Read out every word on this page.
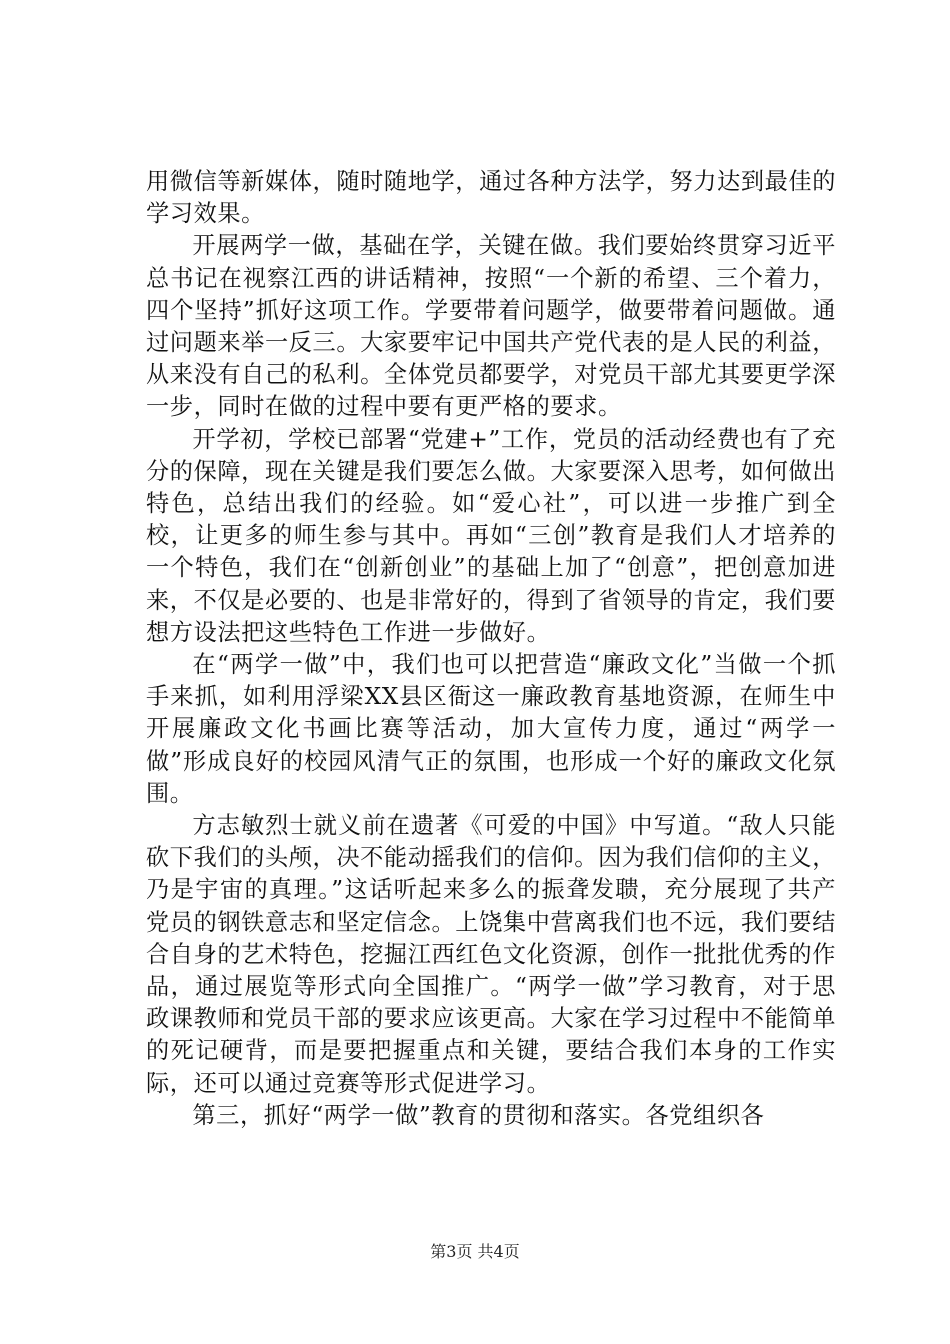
用微信等新媒体，随时随地学，通过各种方法学，努力达到最佳的学习效果。

开展两学一做，基础在学，关键在做。我们要始终贯穿习近平总书记在视察江西的讲话精神，按照“一个新的希望、三个着力，四个坚持”抓好这项工作。学要带着问题学，做要带着问题做。通过问题来举一反三。大家要牢记中国共产党代表的是人民的利益，从来没有自己的私利。全体党员都要学，对党员干部尤其要更学深一步，同时在做的过程中要有更严格的要求。

开学初，学校已部署“党建+”工作，党员的活动经费也有了充分的保障，现在关键是我们要怎么做。大家要深入思考，如何做出特色，总结出我们的经验。如“爱心社”，可以进一步推广到全校，让更多的师生参与其中。再如“三创”教育是我们人才培养的一个特色，我们在“创新创业”的基础上加了“创意”，把创意加进来，不仅是必要的、也是非常好的，得到了省领导的肯定，我们要想方设法把这些特色工作进一步做好。

在“两学一做”中，我们也可以把营造“廉政文化”当做一个抓手来抓，如利用浮梁XX县区衙这一廉政教育基地资源，在师生中开展廉政文化书画比赛等活动，加大宣传力度，通过“两学一做”形成良好的校园风清气正的氛围，也形成一个好的廉政文化氛围。

方志敏烈士就义前在遗著《可爱的中国》中写道。“敌人只能砍下我们的头颅，决不能动摇我们的信仰。因为我们信仰的主义，乃是宇宙的真理。”这话听起来多么的振聋发聩，充分展现了共产党员的钢铁意志和坚定信念。上饶集中营离我们也不远，我们要结合自身的艺术特色，挖掘江西红色文化资源，创作一批批优秀的作品，通过展览等形式向全国推广。“两学一做”学习教育，对于思政课教师和党员干部的要求应该更高。大家在学习过程中不能简单的死记硬背，而是要把握重点和关键，要结合我们本身的工作实际，还可以通过竞赛等形式促进学习。

第三，抓好“两学一做”教育的贯彻和落实。各党组织各

第3页 共4页
